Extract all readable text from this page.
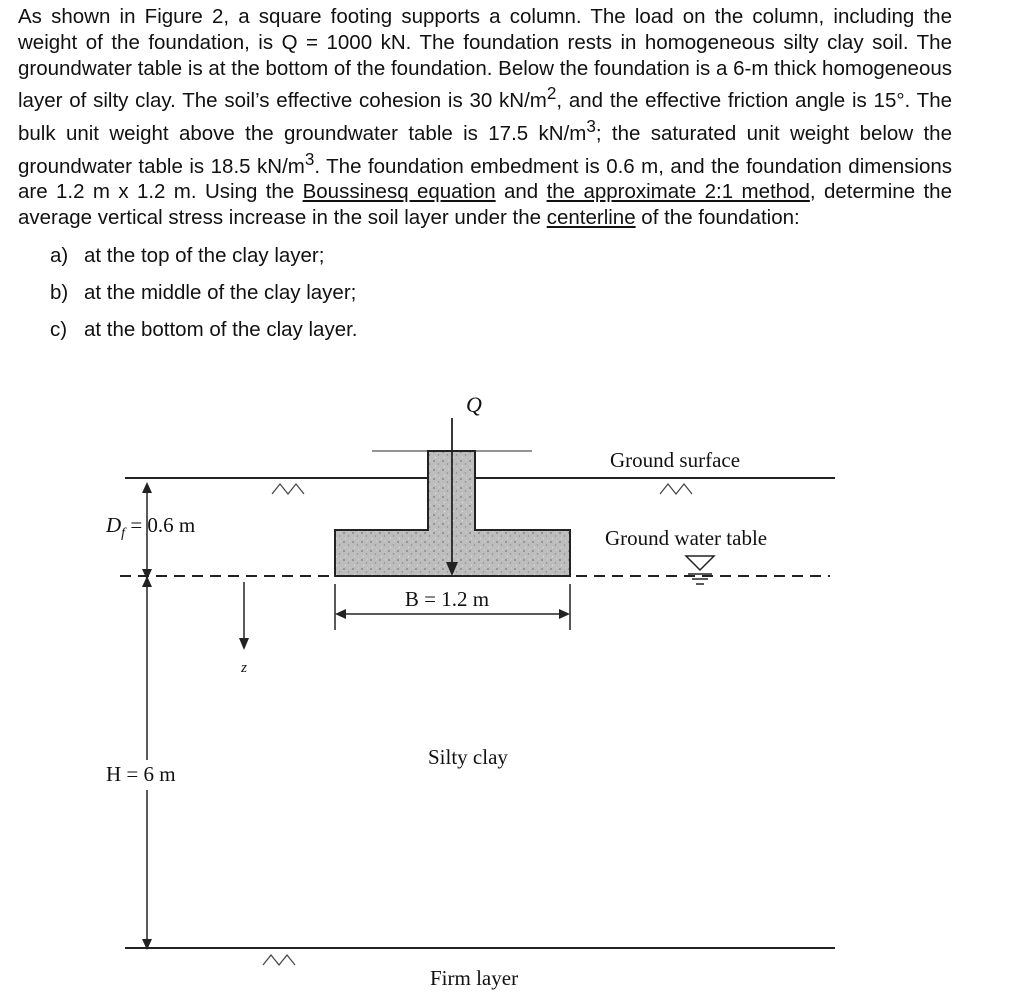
As shown in Figure 2, a square footing supports a column. The load on the column, including the weight of the foundation, is Q = 1000 kN. The foundation rests in homogeneous silty clay soil. The groundwater table is at the bottom of the foundation. Below the foundation is a 6-m thick homogeneous layer of silty clay. The soil’s effective cohesion is 30 $kN/m^2$, and the effective friction angle is 15°. The bulk unit weight above the groundwater table is 17.5 $kN/m^3$; the saturated unit weight below the groundwater table is 18.5 $kN/m^3$. The foundation embedment is 0.6 m, and the foundation dimensions are 1.2 m x 1.2 m. Using the Boussinesq equation and the approximate 2:1 method, determine the average vertical stress increase in the soil layer under the centerline of the foundation:

a) at the top of the clay layer;
b) at the middle of the clay layer;
c) at the bottom of the clay layer.
Q
$D_f = 0.6$ m
H = 6 m
z
B = 1.2 m
Ground surface
Ground water table
Silty clay
Firm layer
